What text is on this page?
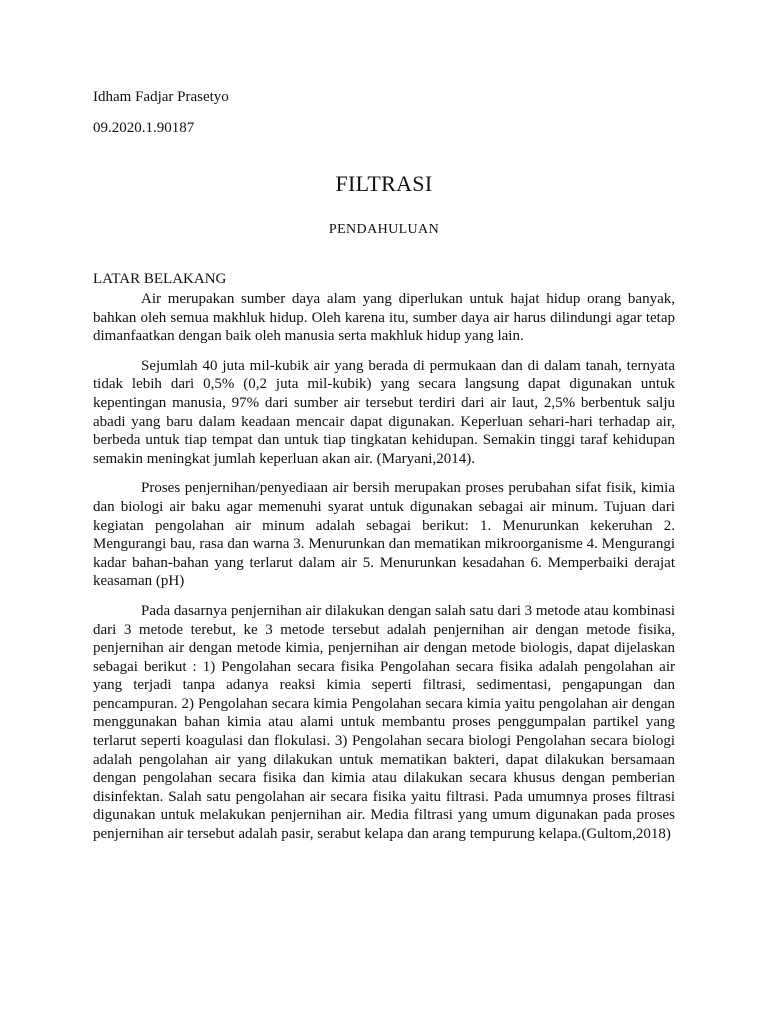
Idham Fadjar Prasetyo

09.2020.1.90187

FILTRASI
PENDAHULUAN
LATAR BELAKANG

Air merupakan sumber daya alam yang diperlukan untuk hajat hidup orang banyak, bahkan oleh semua makhluk hidup. Oleh karena itu, sumber daya air harus dilindungi agar tetap dimanfaatkan dengan baik oleh manusia serta makhluk hidup yang lain.

Sejumlah 40 juta mil-kubik air yang berada di permukaan dan di dalam tanah, ternyata tidak lebih dari 0,5% (0,2 juta mil-kubik) yang secara langsung dapat digunakan untuk kepentingan manusia, 97% dari sumber air tersebut terdiri dari air laut, 2,5% berbentuk salju abadi yang baru dalam keadaan mencair dapat digunakan. Keperluan sehari-hari terhadap air, berbeda untuk tiap tempat dan untuk tiap tingkatan kehidupan. Semakin tinggi taraf kehidupan semakin meningkat jumlah keperluan akan air. (Maryani,2014).

Proses penjernihan/penyediaan air bersih merupakan proses perubahan sifat fisik, kimia dan biologi air baku agar memenuhi syarat untuk digunakan sebagai air minum. Tujuan dari kegiatan pengolahan air minum adalah sebagai berikut: 1. Menurunkan kekeruhan 2. Mengurangi bau, rasa dan warna 3. Menurunkan dan mematikan mikroorganisme 4. Mengurangi kadar bahan-bahan yang terlarut dalam air 5. Menurunkan kesadahan 6. Memperbaiki derajat keasaman (pH)

Pada dasarnya penjernihan air dilakukan dengan salah satu dari 3 metode atau kombinasi dari 3 metode terebut, ke 3 metode tersebut adalah penjernihan air dengan metode fisika, penjernihan air dengan metode kimia, penjernihan air dengan metode biologis, dapat dijelaskan sebagai berikut : 1) Pengolahan secara fisika Pengolahan secara fisika adalah pengolahan air yang terjadi tanpa adanya reaksi kimia seperti filtrasi, sedimentasi, pengapungan dan pencampuran. 2) Pengolahan secara kimia Pengolahan secara kimia yaitu pengolahan air dengan menggunakan bahan kimia atau alami untuk membantu proses penggumpalan partikel yang terlarut seperti koagulasi dan flokulasi. 3) Pengolahan secara biologi Pengolahan secara biologi adalah pengolahan air yang dilakukan untuk mematikan bakteri, dapat dilakukan bersamaan dengan pengolahan secara fisika dan kimia atau dilakukan secara khusus dengan pemberian disinfektan. Salah satu pengolahan air secara fisika yaitu filtrasi. Pada umumnya proses filtrasi digunakan untuk melakukan penjernihan air. Media filtrasi yang umum digunakan pada proses penjernihan air tersebut adalah pasir, serabut kelapa dan arang tempurung kelapa.(Gultom,2018)
